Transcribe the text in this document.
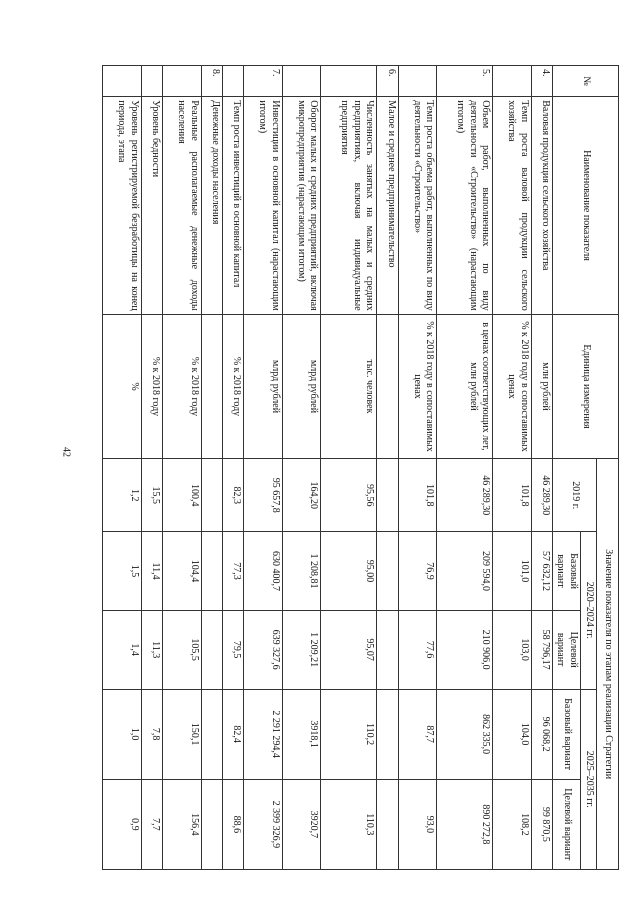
42
№	Наименование показателя	Единица измерения	Значение показателя по этапам реализации Стратегии				
			2019 г.	2020–2024 гг.		2025–2035 гг.	
				Базовый вариант	Целевой вариант	Базовый вариант	Целевой вариант
4.	Валовая продукция сельского хозяйства	млн рублей	46 289,30	57 632,12	58 796,17	96 068,2	99 870,5
	Темп роста валовой продукции сельского хозяйства	% к 2018 году в сопоставимых ценах	101,8	101,0	103,0	104,0	108,2
5.	Объем работ, выполненных по виду деятельности «Строительство» (нарастающим итогом)	в ценах соответствующих лет, млн рублей	46 289,30	209 594,0	210 906,0	862 335,0	890 272,8
	Темп роста объема работ, выполненных по виду деятельности «Строительство»	% к 2018 году в сопоставимых ценах	101,8	76,9	77,6	87,7	93,0
6.	Малое и среднее предпринимательство						
	Численность занятых на малых и средних предприятиях, включая индивидуальные предприятия	тыс. человек	95,56	95,00	95,07	110,2	110,3
	Оборот малых и средних предприятий, включая микропредприятия (нарастающим итогом)	млрд рублей	164,20	1 208,81	1 209,21	3918,1	3920,7
7.	Инвестиции в основной капитал (нарастающим итогом)	млрд рублей	95 657,8	630 400,7	639 327,6	2 291 294,4	2 399 326,9
	Темп роста инвестиций в основной капитал	% к 2018 году	82,3	77,3	79,5	82,4	88,6
8.	Денежные доходы населения						
	Реальные располагаемые денежные доходы населения	% к 2018 году	100,4	104,4	105,5	150,1	156,4
	Уровень бедности	% к 2018 году	15,5	11,4	11,3	7,8	7,7
	Уровень регистрируемой безработицы на конец периода, этапа	%	1,2	1,5	1,4	1,0	0,9
